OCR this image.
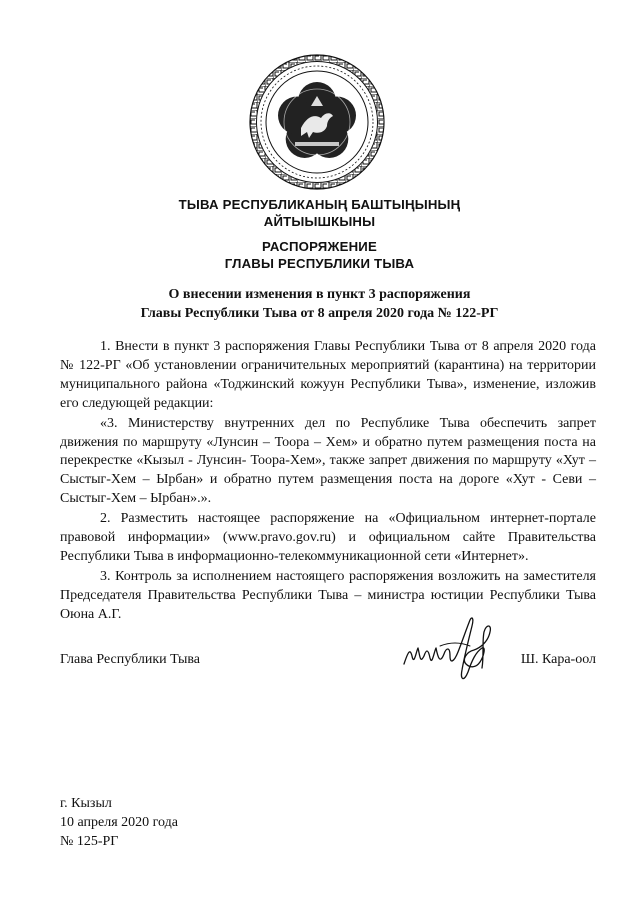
ТЫВА РЕСПУБЛИКАНЫҢ БАШТЫҢЫНЫҢ
АЙТЫЫШКЫНЫ
РАСПОРЯЖЕНИЕ
ГЛАВЫ РЕСПУБЛИКИ ТЫВА
О внесении изменения в пункт 3 распоряжения
Главы Республики Тыва от 8 апреля 2020 года № 122-РГ

1. Внести в пункт 3 распоряжения Главы Республики Тыва от 8 апреля 2020 года № 122-РГ «Об установлении ограничительных мероприятий (карантина) на территории муниципального района «Тоджинский кожуун Республики Тыва», изменение, изложив его следующей редакции:

«3. Министерству внутренних дел по Республике Тыва обеспечить запрет движения по маршруту «Лунсин – Тоора – Хем» и обратно путем размещения поста на перекрестке «Кызыл - Лунсин- Тоора-Хем», также запрет движения по маршруту «Хут – Сыстыг-Хем – Ырбан» и обратно путем размещения поста на дороге «Хут - Севи – Сыстыг-Хем – Ырбан».».

2. Разместить настоящее распоряжение на «Официальном интернет-портале правовой информации» (www.pravo.gov.ru) и официальном сайте Правительства Республики Тыва в информационно-телекоммуникационной сети «Интернет».

3. Контроль за исполнением настоящего распоряжения возложить на заместителя Председателя Правительства Республики Тыва – министра юстиции Республики Тыва Оюна А.Г.

Глава Республики Тыва	Ш. Кара-оол
г. Кызыл
10 апреля 2020 года
№ 125-РГ
